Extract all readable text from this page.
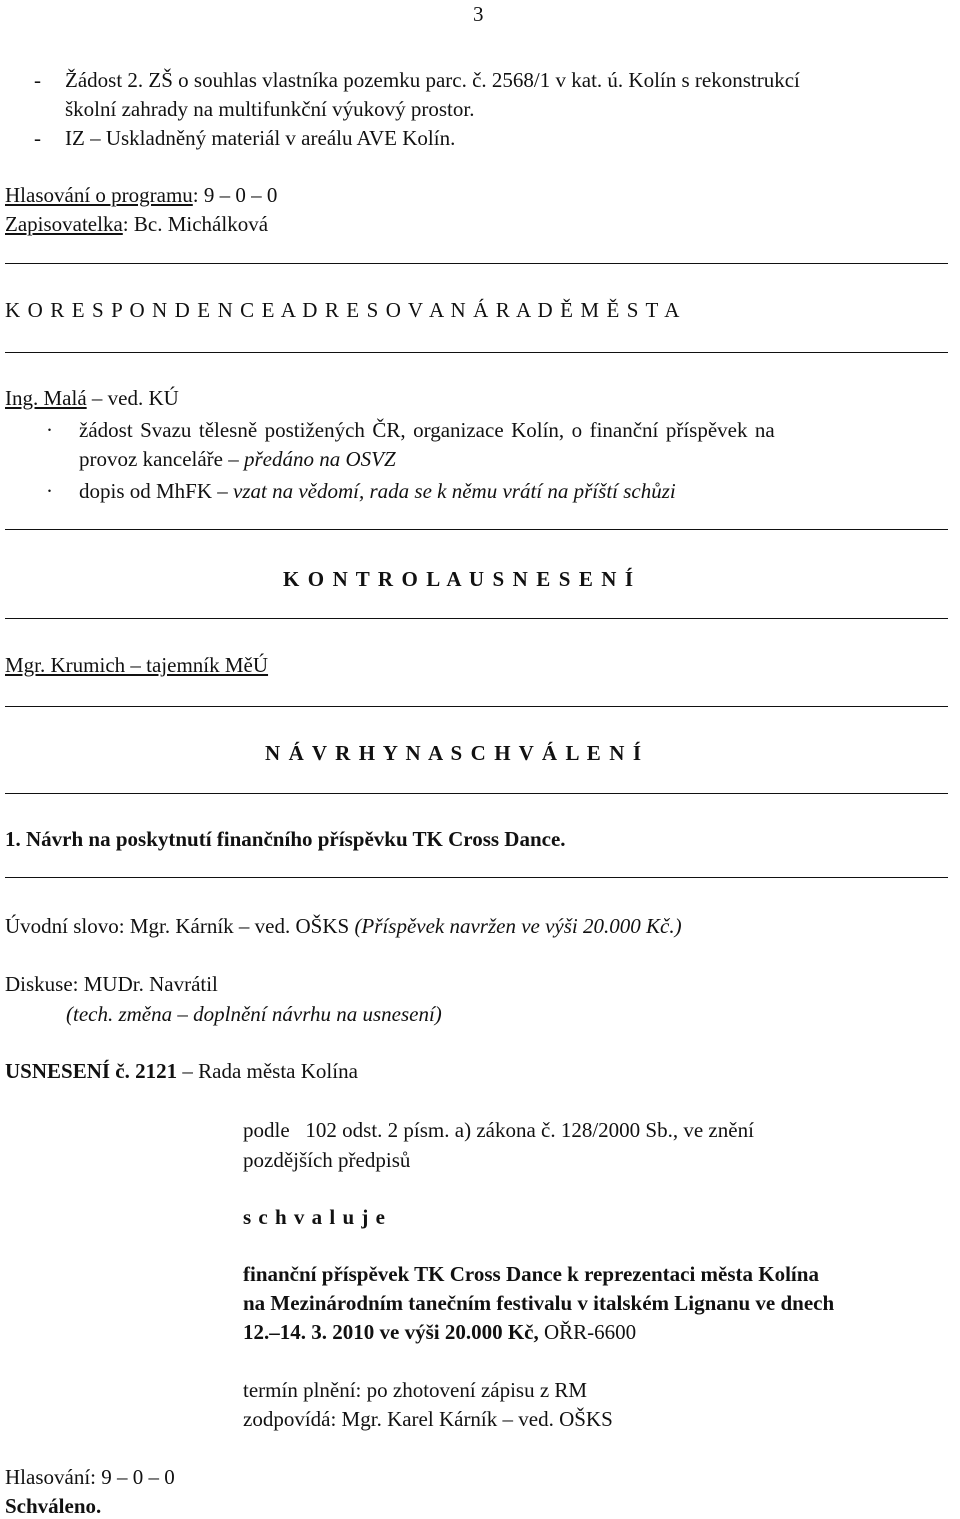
3
- Žádost 2. ZŠ o souhlas vlastníka pozemku parc. č. 2568/1 v kat. ú. Kolín s rekonstrukcí
školní zahrady na multifunkční výukový prostor.
- IZ – Uskladněný materiál v areálu AVE Kolín.
Hlasování o programu: 9 – 0 – 0
Zapisovatelka: Bc. Michálková
K O R E S P O N D E N C E A D R E S O V A N Á R A D Ě M Ě S T A
Ing. Malá – ved. KÚ
· žádost Svazu tělesně postižených ČR, organizace Kolín, o finanční příspěvek na
provoz kanceláře – předáno na OSVZ
· dopis od MhFK – vzat na vědomí, rada se k němu vrátí na příští schůzi
K O N T R O L A U S N E S E N Í
Mgr. Krumich – tajemník MěÚ
N Á V R H Y N A S C H V Á L E N Í
1. Návrh na poskytnutí finančního příspěvku TK Cross Dance.
Úvodní slovo: Mgr. Kárník – ved. OŠKS (Příspěvek navržen ve výši 20.000 Kč.)
Diskuse: MUDr. Navrátil
(tech. změna – doplnění návrhu na usnesení)
USNESENÍ č. 2121 – Rada města Kolína
podle   102 odst. 2 písm. a) zákona č. 128/2000 Sb., ve znění
pozdějších předpisů
s c h v a l u j e
finanční příspěvek TK Cross Dance k reprezentaci města Kolína
na Mezinárodním tanečním festivalu v italském Lignanu ve dnech
12.–14. 3. 2010 ve výši 20.000 Kč, OŘR-6600
termín plnění: po zhotovení zápisu z RM
zodpovídá: Mgr. Karel Kárník – ved. OŠKS
Hlasování: 9 – 0 – 0
Schváleno.
